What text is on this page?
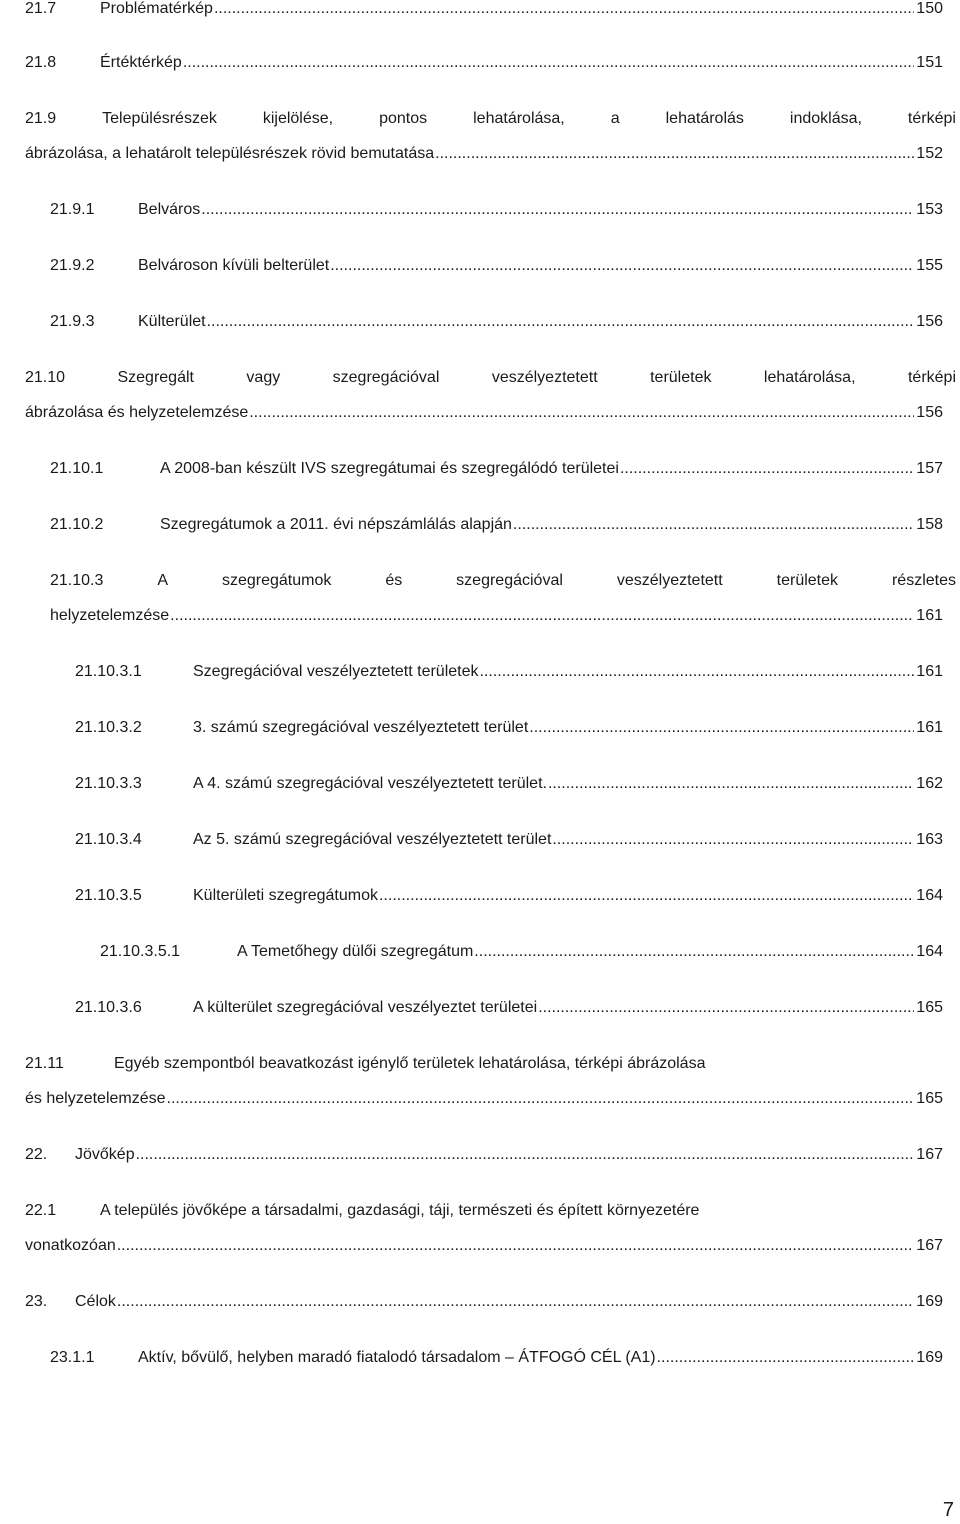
21.7	Problématérkép .....	150
21.8	Értéktérkép .....	151
21.9	Településrészek	kijelölése,	pontos	lehatárolása,	a	lehatárolás	indoklása,	térképi
ábrázolása, a lehatárolt településrészek rövid bemutatása .....	152
21.9.1	Belváros .....	153
21.9.2	Belvároson kívüli belterület .....	155
21.9.3	Külterület .....	156
21.10	Szegregált	vagy	szegregációval	veszélyeztetett	területek	lehatárolása,	térképi
ábrázolása és helyzetelemzése .....	156
21.10.1	A 2008-ban készült IVS szegregátumai és szegregálódó területei .....	157
21.10.2	Szegregátumok a 2011. évi népszámlálás alapján .....	158
21.10.3	A	szegregátumok	és	szegregációval	veszélyeztetett	területek	részletes
helyzetelemzése .....	161
21.10.3.1	Szegregációval veszélyeztetett területek .....	161
21.10.3.2	3. számú szegregációval veszélyeztetett terület .....	161
21.10.3.3	A 4. számú szegregációval veszélyeztetett terület. .....	162
21.10.3.4	Az 5. számú szegregációval veszélyeztetett terület .....	163
21.10.3.5	Külterületi szegregátumok .....	164
21.10.3.5.1	A Temetőhegy dülői szegregátum .....	164
21.10.3.6	A külterület szegregációval veszélyeztet területei .....	165
21.11	Egyéb szempontból beavatkozást igénylő területek lehatárolása, térképi ábrázolása
és helyzetelemzése .....	165
22.	Jövőkép .....	167
22.1	A település jövőképe a társadalmi, gazdasági, táji, természeti és épített környezetére
vonatkozóan .....	167
23.	Célok .....	169
23.1.1	Aktív, bővülő, helyben maradó fiatalodó társadalom – ÁTFOGÓ CÉL (A1) .....	169
7
